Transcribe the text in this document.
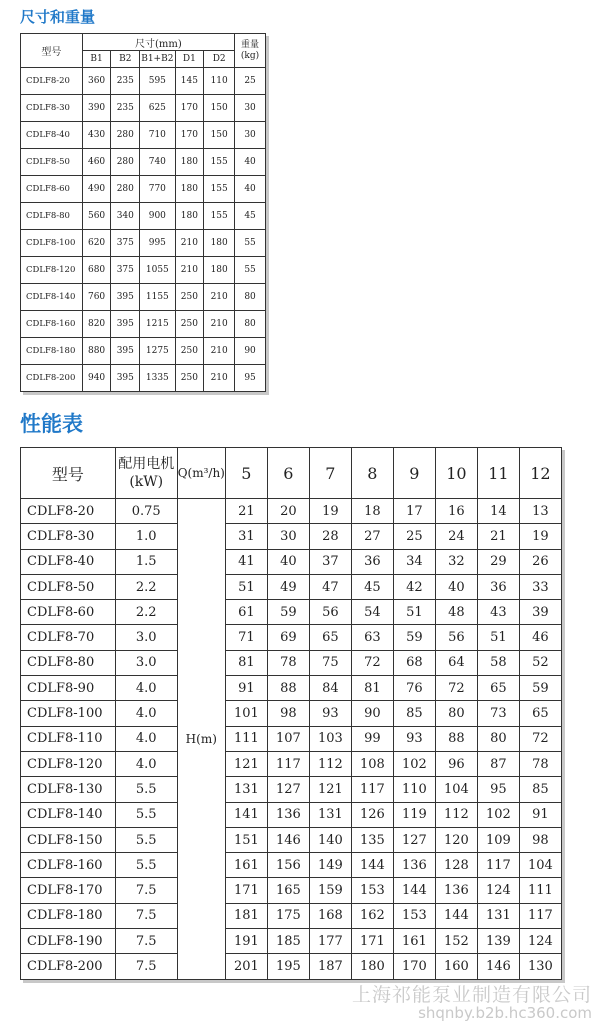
尺寸和重量
型号	尺寸(mm)					重量(kg)
	B1	B2	B1+B2	D1	D2	
CDLF8-20	360	235	595	145	110	25
CDLF8-30	390	235	625	170	150	30
CDLF8-40	430	280	710	170	150	30
CDLF8-50	460	280	740	180	155	40
CDLF8-60	490	280	770	180	155	40
CDLF8-80	560	340	900	180	155	45
CDLF8-100	620	375	995	210	180	55
CDLF8-120	680	375	1055	210	180	55
CDLF8-140	760	395	1155	250	210	80
CDLF8-160	820	395	1215	250	210	80
CDLF8-180	880	395	1275	250	210	90
CDLF8-200	940	395	1335	250	210	95
性能表
型号	配用电机(kW)	Q(m³/h)	5	6	7	8	9	10	11	12
CDLF8-20	0.75	H(m)	21	20	19	18	17	16	14	13
CDLF8-30	1.0		31	30	28	27	25	24	21	19
CDLF8-40	1.5		41	40	37	36	34	32	29	26
CDLF8-50	2.2		51	49	47	45	42	40	36	33
CDLF8-60	2.2		61	59	56	54	51	48	43	39
CDLF8-70	3.0		71	69	65	63	59	56	51	46
CDLF8-80	3.0		81	78	75	72	68	64	58	52
CDLF8-90	4.0		91	88	84	81	76	72	65	59
CDLF8-100	4.0		101	98	93	90	85	80	73	65
CDLF8-110	4.0		111	107	103	99	93	88	80	72
CDLF8-120	4.0		121	117	112	108	102	96	87	78
CDLF8-130	5.5		131	127	121	117	110	104	95	85
CDLF8-140	5.5		141	136	131	126	119	112	102	91
CDLF8-150	5.5		151	146	140	135	127	120	109	98
CDLF8-160	5.5		161	156	149	144	136	128	117	104
CDLF8-170	7.5		171	165	159	153	144	136	124	111
CDLF8-180	7.5		181	175	168	162	153	144	131	117
CDLF8-190	7.5		191	185	177	171	161	152	139	124
CDLF8-200	7.5		201	195	187	180	170	160	146	130
上海祁能泵业制造有限公司
shqnby.b2b.hc360.com
